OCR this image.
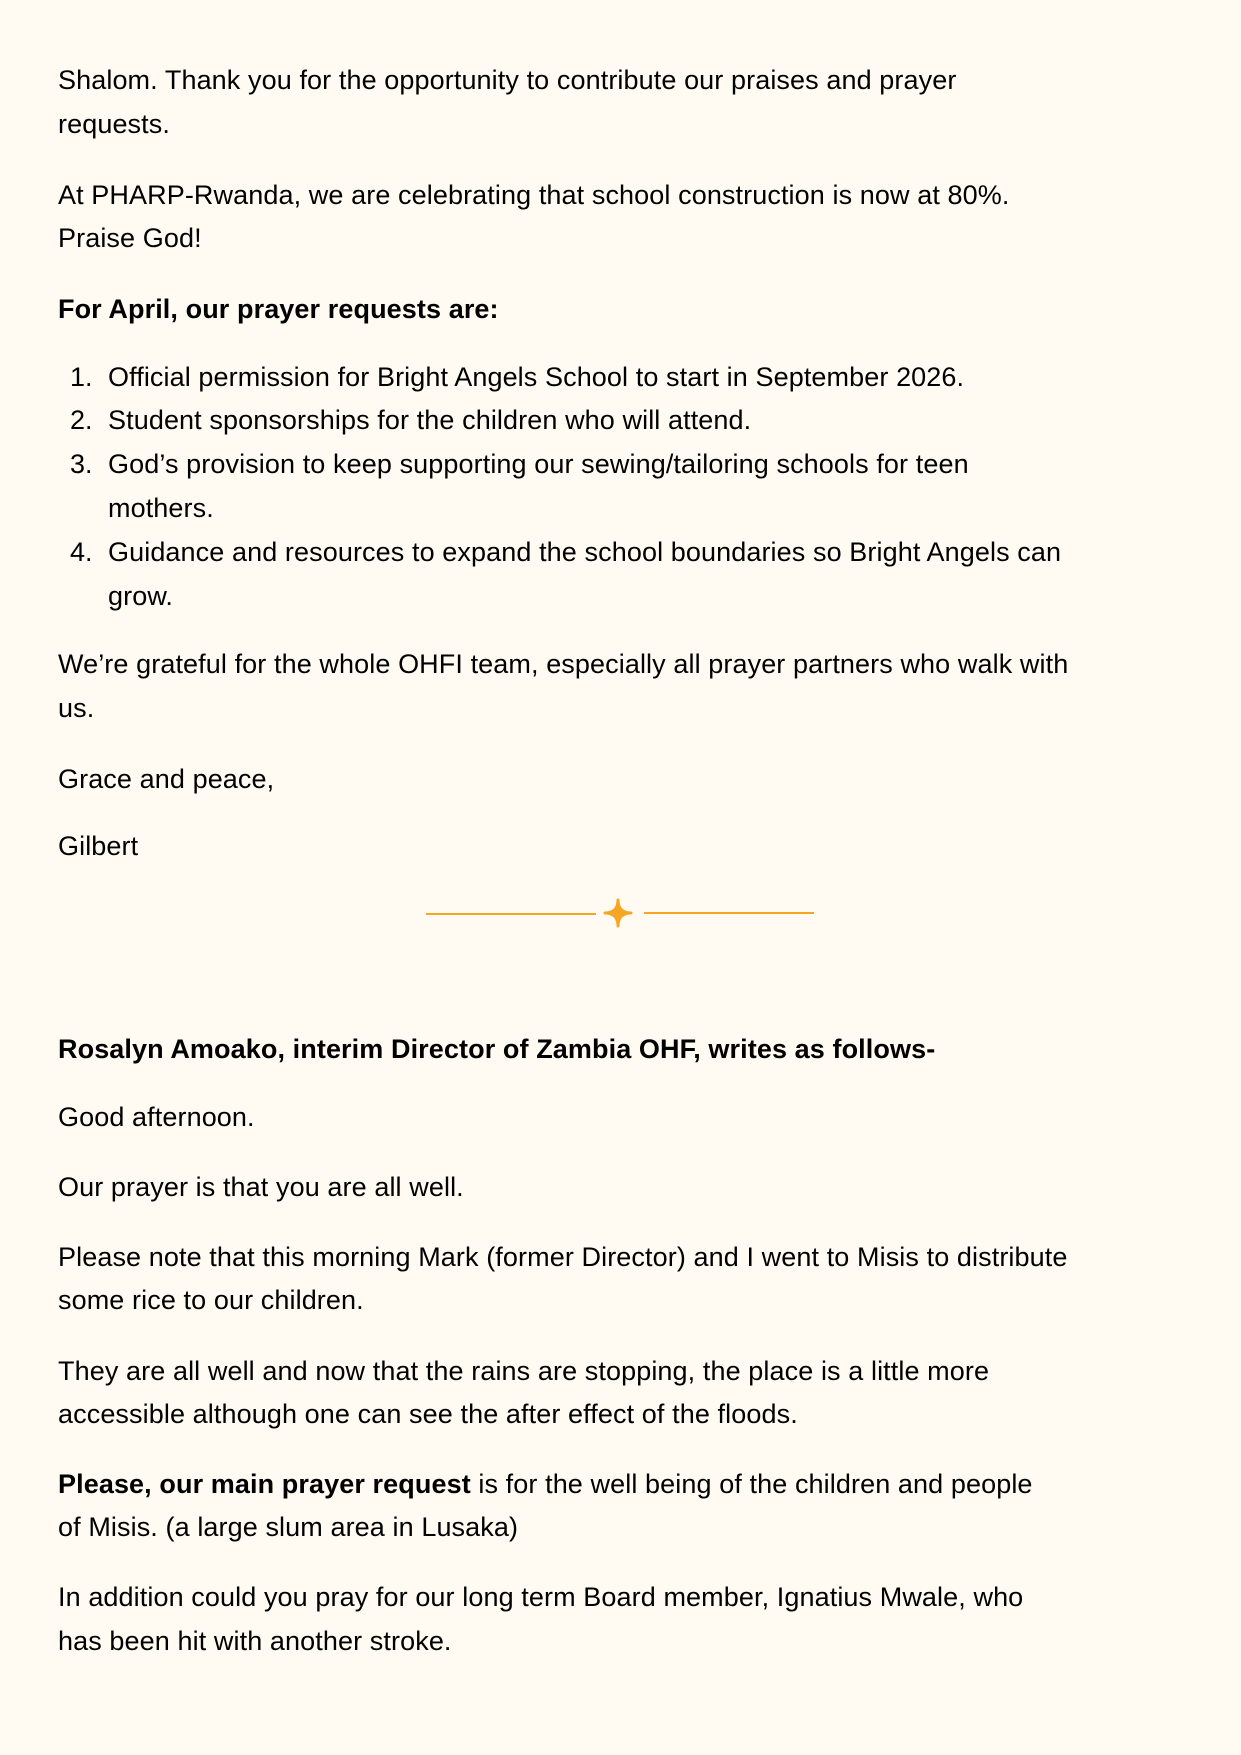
Shalom. Thank you for the opportunity to contribute our praises and prayer
requests.
At PHARP-Rwanda, we are celebrating that school construction is now at 80%.
Praise God!
For April, our prayer requests are:
1. Official permission for Bright Angels School to start in September 2026.
2. Student sponsorships for the children who will attend.
3. God’s provision to keep supporting our sewing/tailoring schools for teen
mothers.
4. Guidance and resources to expand the school boundaries so Bright Angels can
grow.
We’re grateful for the whole OHFI team, especially all prayer partners who walk with
us.
Grace and peace,
Gilbert
Rosalyn Amoako, interim Director of Zambia OHF, writes as follows-
Good afternoon.
Our prayer is that you are all well.
Please note that this morning Mark (former Director) and I went to Misis to distribute
some rice to our children.
They are all well and now that the rains are stopping, the place is a little more
accessible although one can see the after effect of the floods.
Please, our main prayer request is for the well being of the children and people
of Misis. (a large slum area in Lusaka)
In addition could you pray for our long term Board member, Ignatius Mwale, who
has been hit with another stroke.
